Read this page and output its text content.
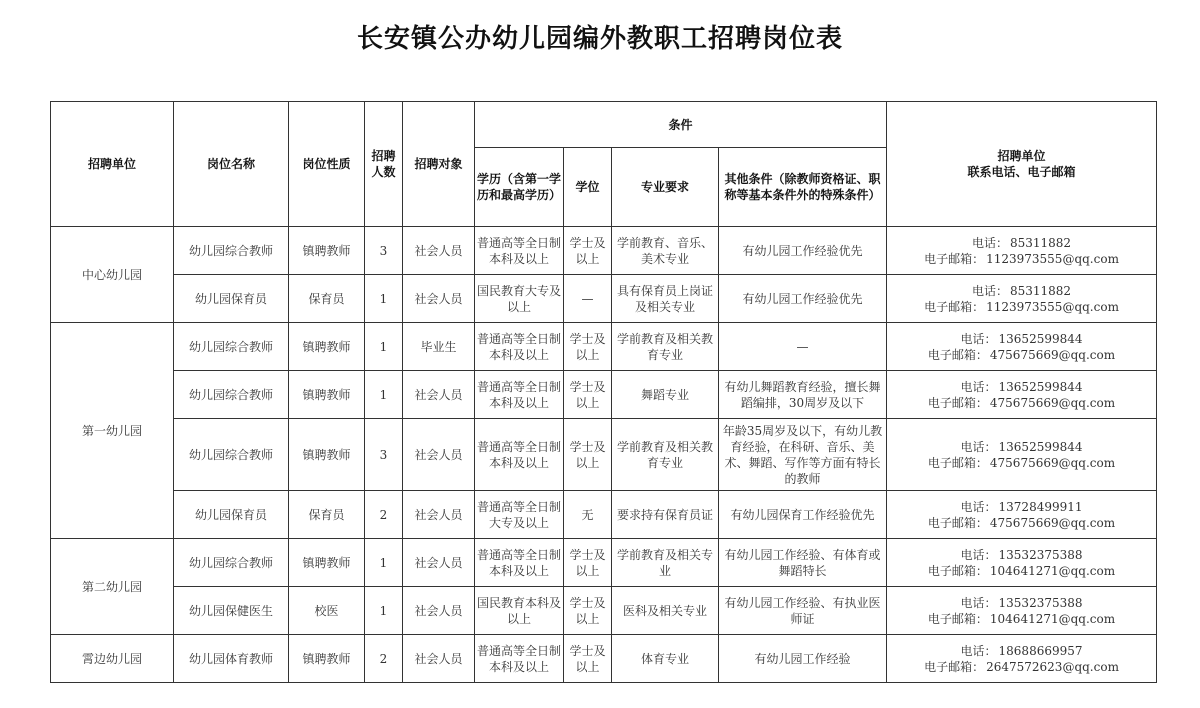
长安镇公办幼儿园编外教职工招聘岗位表
招聘单位	岗位名称	岗位性质	招聘人数	招聘对象	条件				招聘单位
联系电话、电子邮箱

					学历（含第一学历和最高学历）	学位	专业要求	其他条件（除教师资格证、职称等基本条件外的特殊条件）	
中心幼儿园	幼儿园综合教师	镇聘教师	3	社会人员	普通高等全日制本科及以上	学士及以上	学前教育、音乐、美术专业	有幼儿园工作经验优先	电话： 85311882
电子邮箱： 1123973555@qq.com

	幼儿园保育员	保育员	1	社会人员	国民教育大专及以上	—	具有保育员上岗证及相关专业	有幼儿园工作经验优先	电话： 85311882
电子邮箱： 1123973555@qq.com

第一幼儿园	幼儿园综合教师	镇聘教师	1	毕业生	普通高等全日制本科及以上	学士及以上	学前教育及相关教育专业	—	电话： 13652599844
电子邮箱： 475675669@qq.com

	幼儿园综合教师	镇聘教师	1	社会人员	普通高等全日制本科及以上	学士及以上	舞蹈专业	有幼儿舞蹈教育经验，擅长舞蹈编排，30周岁及以下	电话： 13652599844
电子邮箱： 475675669@qq.com

	幼儿园综合教师	镇聘教师	3	社会人员	普通高等全日制本科及以上	学士及以上	学前教育及相关教育专业	年龄35周岁及以下，有幼儿教育经验，在科研、音乐、美术、舞蹈、写作等方面有特长的教师	电话： 13652599844
电子邮箱： 475675669@qq.com

	幼儿园保育员	保育员	2	社会人员	普通高等全日制大专及以上	无	要求持有保育员证	有幼儿园保育工作经验优先	电话： 13728499911
电子邮箱： 475675669@qq.com

第二幼儿园	幼儿园综合教师	镇聘教师	1	社会人员	普通高等全日制本科及以上	学士及以上	学前教育及相关专业	有幼儿园工作经验、有体育或舞蹈特长	电话： 13532375388
电子邮箱： 104641271@qq.com

	幼儿园保健医生	校医	1	社会人员	国民教育本科及以上	学士及以上	医科及相关专业	有幼儿园工作经验、有执业医师证	电话： 13532375388
电子邮箱： 104641271@qq.com

霄边幼儿园	幼儿园体育教师	镇聘教师	2	社会人员	普通高等全日制本科及以上	学士及以上	体育专业	有幼儿园工作经验	电话： 18688669957
电子邮箱： 2647572623@qq.com
